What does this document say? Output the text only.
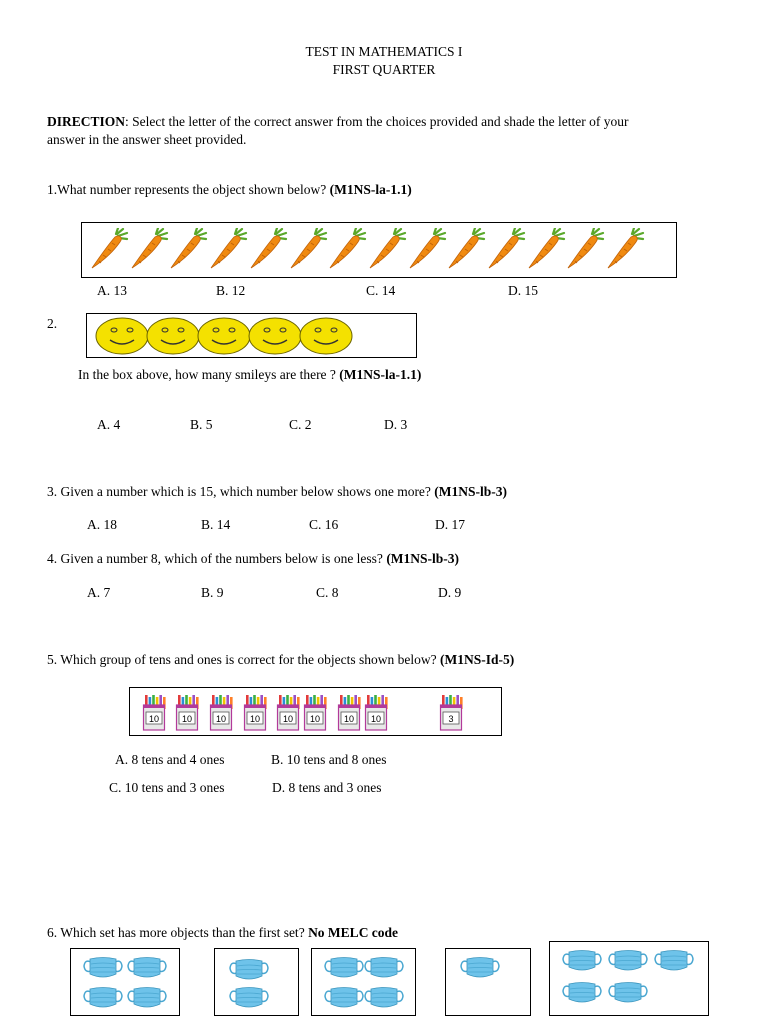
TEST IN MATHEMATICS I
FIRST QUARTER
DIRECTION: Select the letter of the correct answer from the choices provided and shade the letter of your
answer in the answer sheet provided.
1.What number represents the object shown below? (M1NS-la-1.1)
A. 13	B. 12	C. 14	D. 15
2.
In the box above, how many smileys are there ? (M1NS-la-1.1)
A. 4	B. 5	C. 2	D. 3
3. Given a number which is 15, which number below shows one more? (M1NS-lb-3)
A. 18	B. 14	C. 16	D. 17
4. Given a number 8, which of the numbers below is one less? (M1NS-lb-3)
A. 7	B. 9	C. 8	D. 9
5. Which group of tens and ones is correct for the objects shown below? (M1NS-Id-5)
10	10	10	10	10 10	10 10	3
A. 8 tens and 4 ones	B. 10 tens and 8 ones
C. 10 tens and 3 ones	D. 8 tens and 3 ones
6. Which set has more objects than the first set? No MELC code
